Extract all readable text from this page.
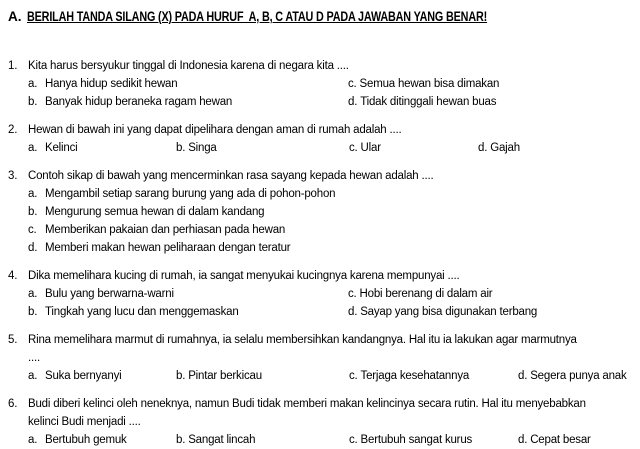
A. BERILAH TANDA SILANG (X) PADA HURUF  A, B, C ATAU D PADA JAWABAN YANG BENAR!
1. Kita harus bersyukur tinggal di Indonesia karena di negara kita ....
a. Hanya hidup sedikit hewan
b. Banyak hidup beraneka ragam hewan
c. Semua hewan bisa dimakan
d. Tidak ditinggali hewan buas
2. Hewan di bawah ini yang dapat dipelihara dengan aman di rumah adalah ....
a. Kelinci	b. Singa	c. Ular	d. Gajah
3. Contoh sikap di bawah yang mencerminkan rasa sayang kepada hewan adalah ....
a. Mengambil setiap sarang burung yang ada di pohon-pohon
b. Mengurung semua hewan di dalam kandang
c. Memberikan pakaian dan perhiasan pada hewan
d. Memberi makan hewan peliharaan dengan teratur
4. Dika memelihara kucing di rumah, ia sangat menyukai kucingnya karena mempunyai ....
a. Bulu yang berwarna-warni
b. Tingkah yang lucu dan menggemaskan
c. Hobi berenang di dalam air
d. Sayap yang bisa digunakan terbang
5. Rina memelihara marmut di rumahnya, ia selalu membersihkan kandangnya. Hal itu ia lakukan agar marmutnya
....
a. Suka bernyanyi	b. Pintar berkicau	c. Terjaga kesehatannya	d. Segera punya anak
6. Budi diberi kelinci oleh neneknya, namun Budi tidak memberi makan kelincinya secara rutin. Hal itu menyebabkan
kelinci Budi menjadi ....
a. Bertubuh gemuk	b. Sangat lincah	c. Bertubuh sangat kurus	d. Cepat besar
